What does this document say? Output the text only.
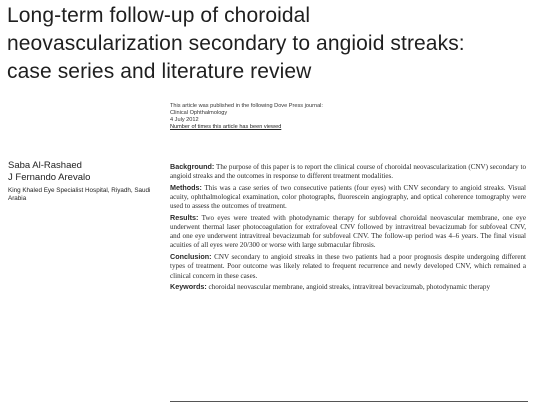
Long-term follow-up of choroidal
neovascularization secondary to angioid streaks:
case series and literature review
This article was published in the following Dove Press journal:
Clinical Ophthalmology
4 July 2012
Number of times this article has been viewed
Saba Al-Rashaed
J Fernando Arevalo
King Khaled Eye Specialist Hospital, Riyadh, Saudi Arabia

Background: The purpose of this paper is to report the clinical course of choroidal neovascularization (CNV) secondary to angioid streaks and the outcomes in response to different treatment modalities.

Methods: This was a case series of two consecutive patients (four eyes) with CNV secondary to angioid streaks. Visual acuity, ophthalmological examination, color photographs, fluorescein angiography, and optical coherence tomography were used to assess the outcomes of treatment.

Results: Two eyes were treated with photodynamic therapy for subfoveal choroidal neovascular membrane, one eye underwent thermal laser photocoagulation for extrafoveal CNV followed by intravitreal bevacizumab for subfoveal CNV, and one eye underwent intravitreal bevacizumab for subfoveal CNV. The follow-up period was 4–6 years. The final visual acuities of all eyes were 20/300 or worse with large submacular fibrosis.

Conclusion: CNV secondary to angioid streaks in these two patients had a poor prognosis despite undergoing different types of treatment. Poor outcome was likely related to frequent recurrence and newly developed CNV, which remained a clinical concern in these cases.

Keywords: choroidal neovascular membrane, angioid streaks, intravitreal bevacizumab, photodynamic therapy
